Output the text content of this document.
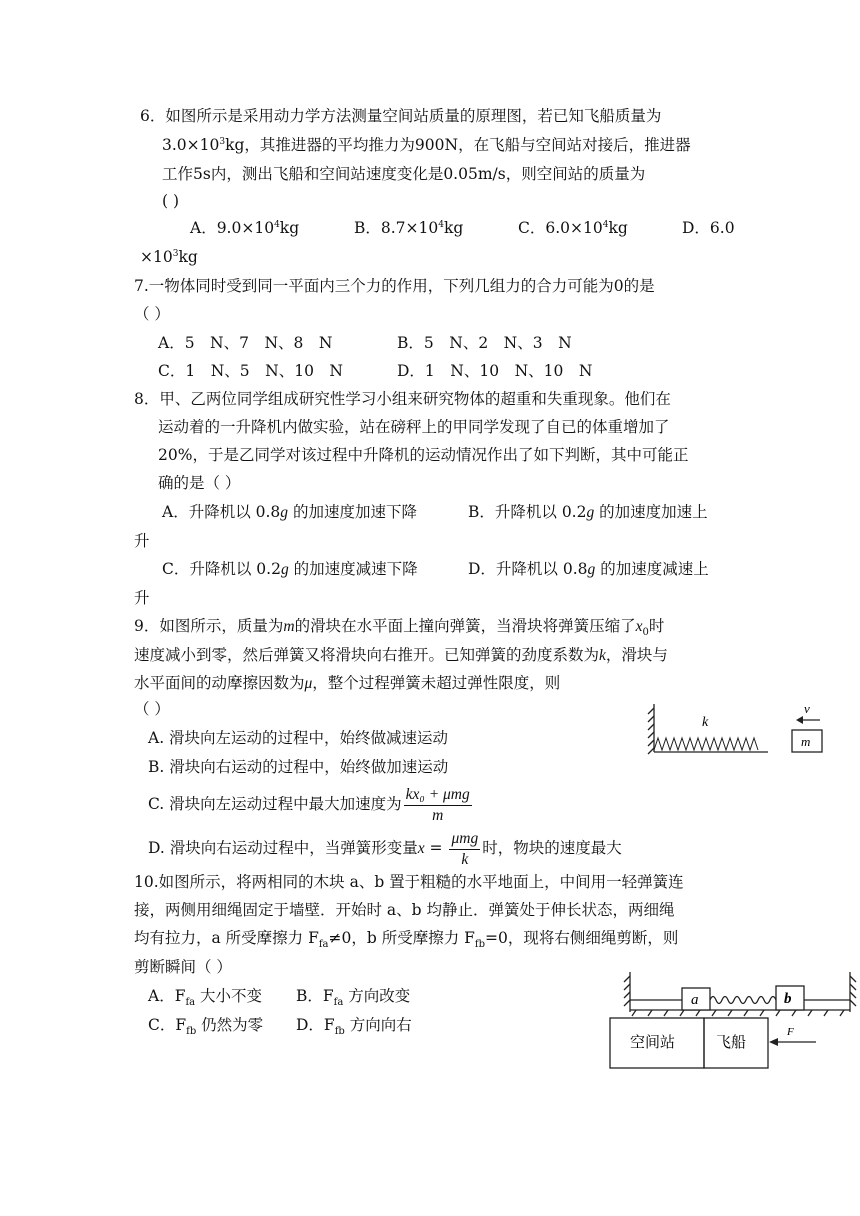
6．如图所示是采用动力学方法测量空间站质量的原理图，若已知飞船质量为
$3.0\times 10^3kg$，其推进器的平均推力为900N，在飞船与空间站对接后，推进器
工作5s内，测出飞船和空间站速度变化是0.05m/s，则空间站的质量为
( )
A．$9.0\times 10^4kg$	B．$8.7\times 10^4kg$	C．$6.0\times 10^4kg$	D．6.0
$\times 10^3kg$
7.一物体同时受到同一平面内三个力的作用，下列几组力的合力可能为0的是
（ ）
A．5　N、7　N、8　N	B．5　N、2　N、3　N
C．1　N、5　N、10　N	D．1　N、10　N、10　N
8．甲、乙两位同学组成研究性学习小组来研究物体的超重和失重现象。他们在
运动着的一升降机内做实验，站在磅秤上的甲同学发现了自已的体重增加了
20%，于是乙同学对该过程中升降机的运动情况作出了如下判断，其中可能正
确的是（ ）
A．升降机以 0.8g 的加速度加速下降	B．升降机以 0.2g 的加速度加速上
升
C．升降机以 0.2g 的加速度减速下降	D．升降机以 0.8g 的加速度减速上
升
9．如图所示，质量为m的滑块在水平面上撞向弹簧，当滑块将弹簧压缩了$x_0$时
速度减小到零，然后弹簧又将滑块向右推开。已知弹簧的劲度系数为k，滑块与
水平面间的动摩擦因数为μ，整个过程弹簧未超过弹性限度，则
（ ）
A. 滑块向左运动的过程中，始终做减速运动
B. 滑块向右运动的过程中，始终做加速运动
C. 滑块向左运动过程中最大加速度为 $\frac{\text{kx₀ + μmg}}{m}$
D. 滑块向右运动过程中，当弹簧形变量$x = \frac{\text{μmg}}{k}$ 时，物块的速度最大
k
m
v
10.如图所示，将两相同的木块 a、b 置于粗糙的水平地面上，中间用一轻弹簧连
接，两侧用细绳固定于墙壁．开始时 a、b 均静止．弹簧处于伸长状态，两细绳
均有拉力，a 所受摩擦力 $F_{fa}\ne 0$，b 所受摩擦力 $F_{fb}=0$，现将右侧细绳剪断，则
剪断瞬间（ ）
A．$F_{fa}$ 大小不变 B．$F_{fa}$ 方向改变
C．$F_{fb}$ 仍然为零 D．$F_{fb}$ 方向向右
a	b
空间站	飞船
F
